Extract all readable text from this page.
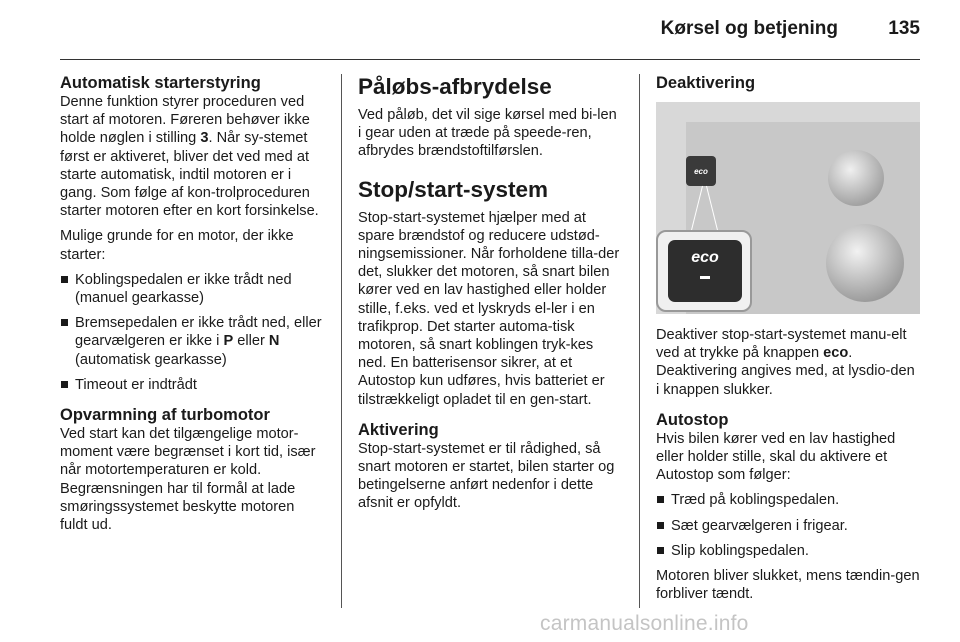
Kørsel og betjening	135
Automatisk starterstyring
Denne funktion styrer proceduren ved start af motoren. Føreren behøver ikke holde nøglen i stilling 3. Når sy-stemet først er aktiveret, bliver det ved med at starte automatisk, indtil motoren er i gang. Som følge af kon-trolproceduren starter motoren efter en kort forsinkelse.
Mulige grunde for en motor, der ikke starter:
Koblingspedalen er ikke trådt ned (manuel gearkasse)
Bremsepedalen er ikke trådt ned, eller gearvælgeren er ikke i P eller N (automatisk gearkasse)
Timeout er indtrådt
Opvarmning af turbomotor
Ved start kan det tilgængelige motor-moment være begrænset i kort tid, især når motortemperaturen er kold. Begrænsningen har til formål at lade smøringssystemet beskytte motoren fuldt ud.
Påløbs-afbrydelse
Ved påløb, det vil sige kørsel med bi-len i gear uden at træde på speede-ren, afbrydes brændstoftilførslen.
Stop/start-system
Stop-start-systemet hjælper med at spare brændstof og reducere udstød-ningsemissioner. Når forholdene tilla-der det, slukker det motoren, så snart bilen kører ved en lav hastighed eller holder stille, f.eks. ved et lyskryds el-ler i en trafikprop. Det starter automa-tisk motoren, så snart koblingen tryk-kes ned. En batterisensor sikrer, at et Autostop kun udføres, hvis batteriet er tilstrækkeligt opladet til en gen-start.
Aktivering
Stop-start-systemet er til rådighed, så snart motoren er startet, bilen starter og betingelserne anført nedenfor i dette afsnit er opfyldt.
Deaktivering
eco
eco
Deaktiver stop-start-systemet manu-elt ved at trykke på knappen eco. Deaktivering angives med, at lysdio-den i knappen slukker.
Autostop
Hvis bilen kører ved en lav hastighed eller holder stille, skal du aktivere et Autostop som følger:
Træd på koblingspedalen.
Sæt gearvælgeren i frigear.
Slip koblingspedalen.
Motoren bliver slukket, mens tændin-gen forbliver tændt.
carmanualsonline.info
